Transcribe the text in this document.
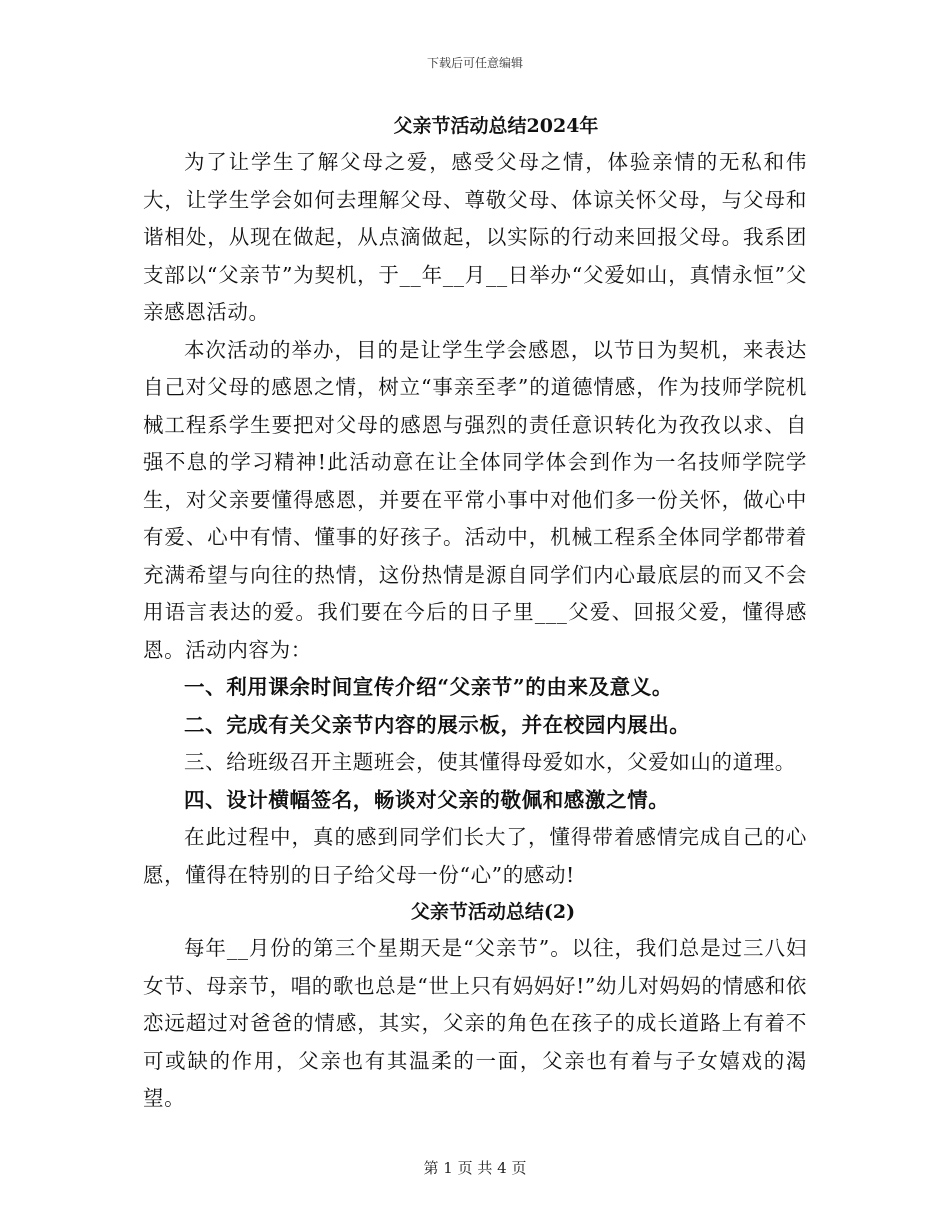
下载后可任意编辑
父亲节活动总结2024年

为了让学生了解父母之爱，感受父母之情，体验亲情的无私和伟大，让学生学会如何去理解父母、尊敬父母、体谅关怀父母，与父母和谐相处，从现在做起，从点滴做起，以实际的行动来回报父母。我系团支部以“父亲节”为契机，于__年__月__日举办“父爱如山，真情永恒”父亲感恩活动。

本次活动的举办，目的是让学生学会感恩，以节日为契机，来表达自己对父母的感恩之情，树立“事亲至孝”的道德情感，作为技师学院机械工程系学生要把对父母的感恩与强烈的责任意识转化为孜孜以求、自强不息的学习精神!此活动意在让全体同学体会到作为一名技师学院学生，对父亲要懂得感恩，并要在平常小事中对他们多一份关怀，做心中有爱、心中有情、懂事的好孩子。活动中，机械工程系全体同学都带着充满希望与向往的热情，这份热情是源自同学们内心最底层的而又不会用语言表达的爱。我们要在今后的日子里___父爱、回报父爱，懂得感恩。活动内容为：

一、利用课余时间宣传介绍“父亲节”的由来及意义。

二、完成有关父亲节内容的展示板，并在校园内展出。

三、给班级召开主题班会，使其懂得母爱如水，父爱如山的道理。

四、设计横幅签名，畅谈对父亲的敬佩和感激之情。

在此过程中，真的感到同学们长大了，懂得带着感情完成自己的心愿，懂得在特别的日子给父母一份“心”的感动!

父亲节活动总结(2)

每年__月份的第三个星期天是“父亲节”。以往，我们总是过三八妇女节、母亲节，唱的歌也总是“世上只有妈妈好!”幼儿对妈妈的情感和依恋远超过对爸爸的情感，其实，父亲的角色在孩子的成长道路上有着不可或缺的作用，父亲也有其温柔的一面，父亲也有着与子女嬉戏的渴望。

第 1 页 共 4 页
